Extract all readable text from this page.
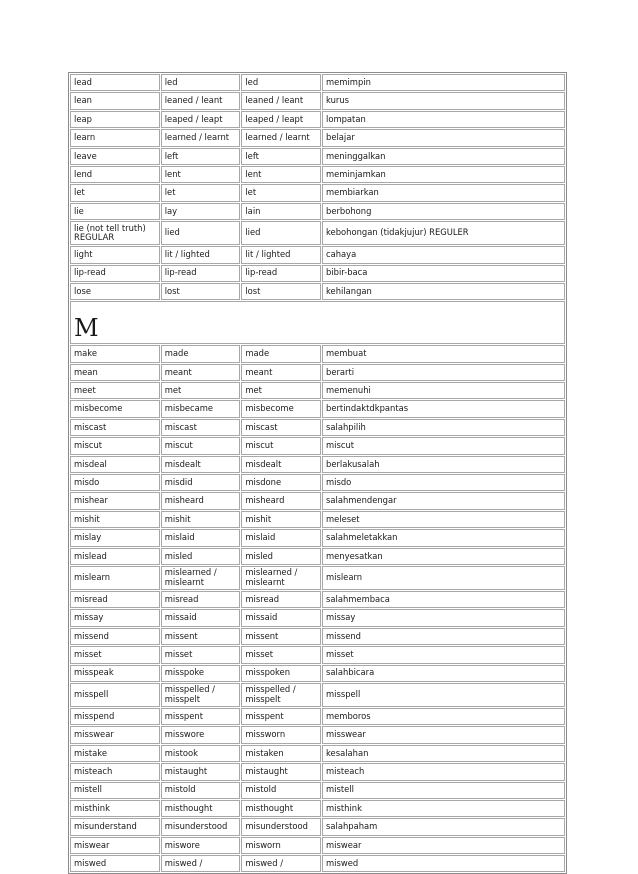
lead	led	led	memimpin
lean	leaned / leant	leaned / leant	kurus
leap	leaped / leapt	leaped / leapt	lompatan
learn	learned / learnt	learned / learnt	belajar
leave	left	left	meninggalkan
lend	lent	lent	meminjamkan
let	let	let	membiarkan
lie	lay	lain	berbohong
lie (not tell truth) REGULAR	lied	lied	kebohongan (tidakjujur) REGULER
light	lit / lighted	lit / lighted	cahaya
lip-read	lip-read	lip-read	bibir-baca
lose	lost	lost	kehilangan
M			
make	made	made	membuat
mean	meant	meant	berarti
meet	met	met	memenuhi
misbecome	misbecame	misbecome	bertindaktdkpantas
miscast	miscast	miscast	salahpilih
miscut	miscut	miscut	miscut
misdeal	misdealt	misdealt	berlakusalah
misdo	misdid	misdone	misdo
mishear	misheard	misheard	salahmendengar
mishit	mishit	mishit	meleset
mislay	mislaid	mislaid	salahmeletakkan
mislead	misled	misled	menyesatkan
mislearn	mislearned / mislearnt	mislearned / mislearnt	mislearn
misread	misread	misread	salahmembaca
missay	missaid	missaid	missay
missend	missent	missent	missend
misset	misset	misset	misset
misspeak	misspoke	misspoken	salahbicara
misspell	misspelled / misspelt	misspelled / misspelt	misspell
misspend	misspent	misspent	memboros
misswear	misswore	missworn	misswear
mistake	mistook	mistaken	kesalahan
misteach	mistaught	mistaught	misteach
mistell	mistold	mistold	mistell
misthink	misthought	misthought	misthink
misunderstand	misunderstood	misunderstood	salahpaham
miswear	miswore	misworn	miswear
miswed	miswed /	miswed /	miswed
